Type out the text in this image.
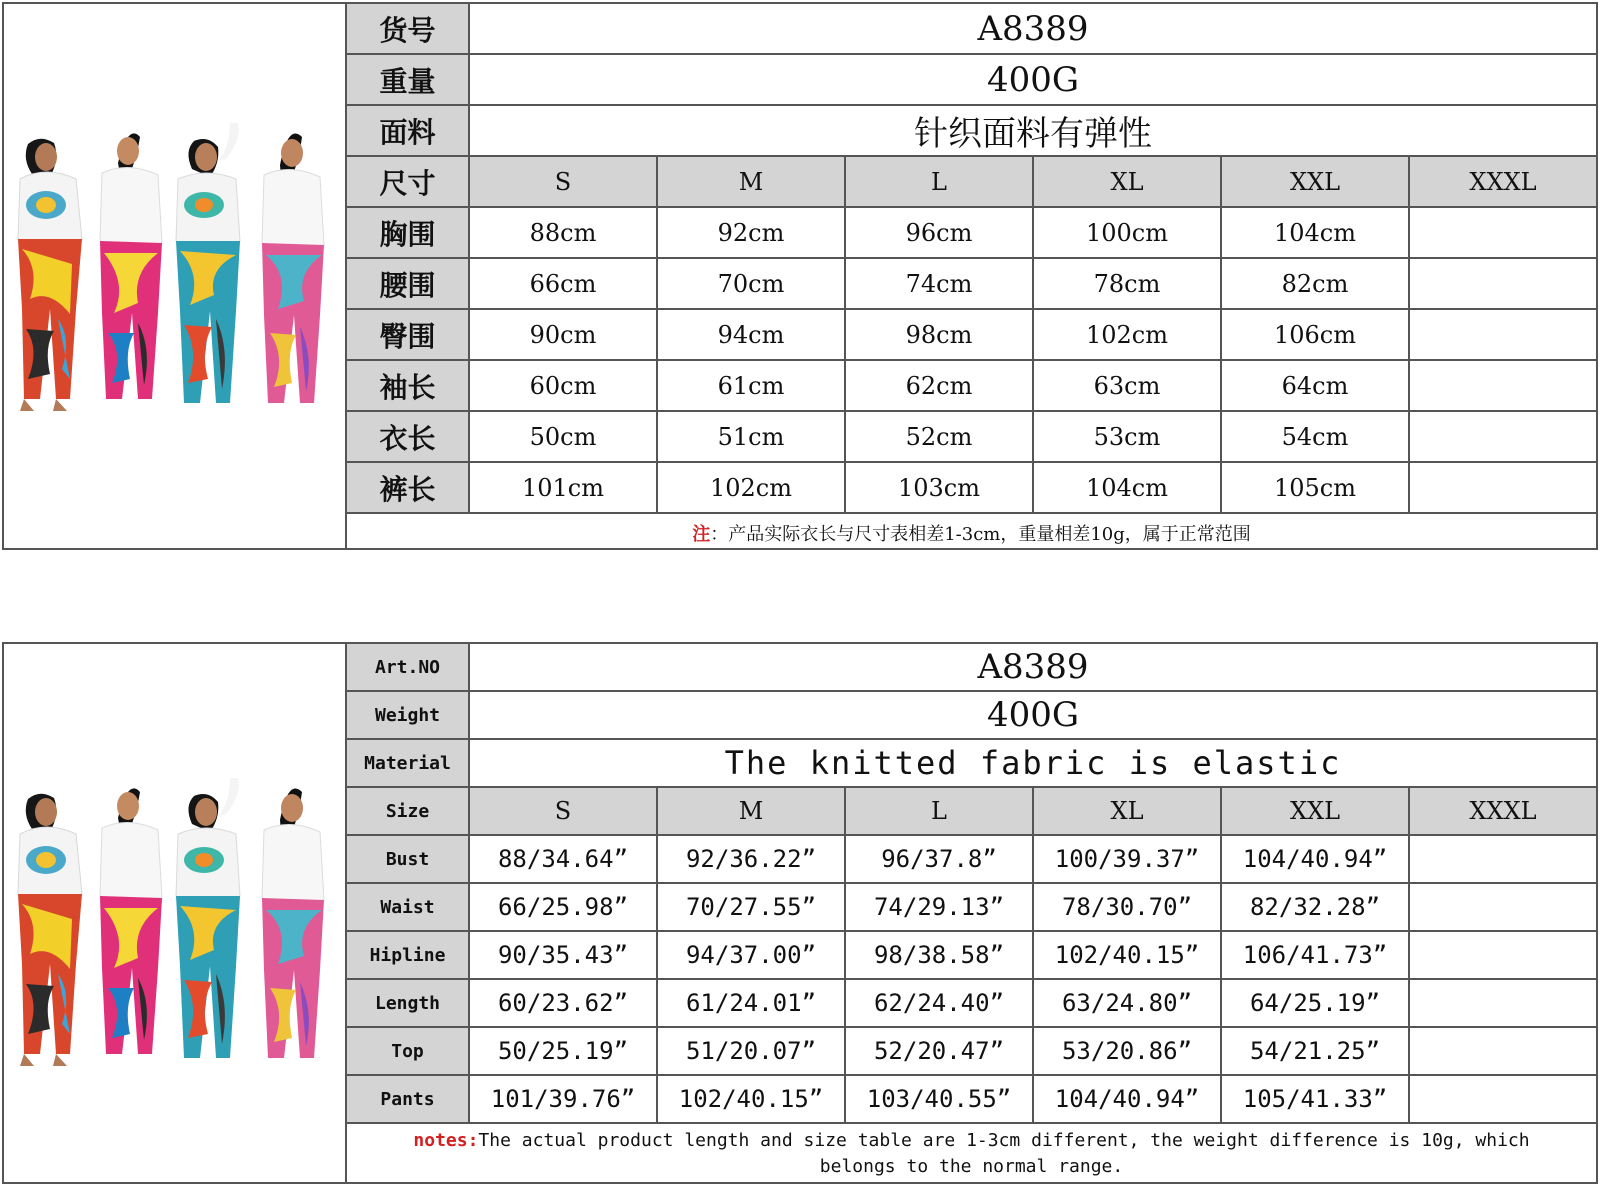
货号	A8389
重量	400G
面料	针织面料有弹性
尺寸	S	M	L	XL	XXL	XXXL
胸围	88cm	92cm	96cm	100cm	104cm
腰围	66cm	70cm	74cm	78cm	82cm
臀围	90cm	94cm	98cm	102cm	106cm
袖长	60cm	61cm	62cm	63cm	64cm
衣长	50cm	51cm	52cm	53cm	54cm
裤长	101cm	102cm	103cm	104cm	105cm

注：产品实际衣长与尺寸表相差1-3cm，重量相差10g，属于正常范围

Art.NO	A8389
Weight	400G
Material	The knitted fabric is elastic
Size	S	M	L	XL	XXL	XXXL
Bust	88/34.64”	92/36.22”	96/37.8”	100/39.37”	104/40.94”
Waist	66/25.98”	70/27.55”	74/29.13”	78/30.70”	82/32.28”
Hipline	90/35.43”	94/37.00”	98/38.58”	102/40.15”	106/41.73”
Length	60/23.62”	61/24.01”	62/24.40”	63/24.80”	64/25.19”
Top	50/25.19”	51/20.07”	52/20.47”	53/20.86”	54/21.25”
Pants	101/39.76”	102/40.15”	103/40.55”	104/40.94”	105/41.33”

notes:The actual product length and size table are 1-3cm different, the weight difference is 10g, which belongs to the normal range.
